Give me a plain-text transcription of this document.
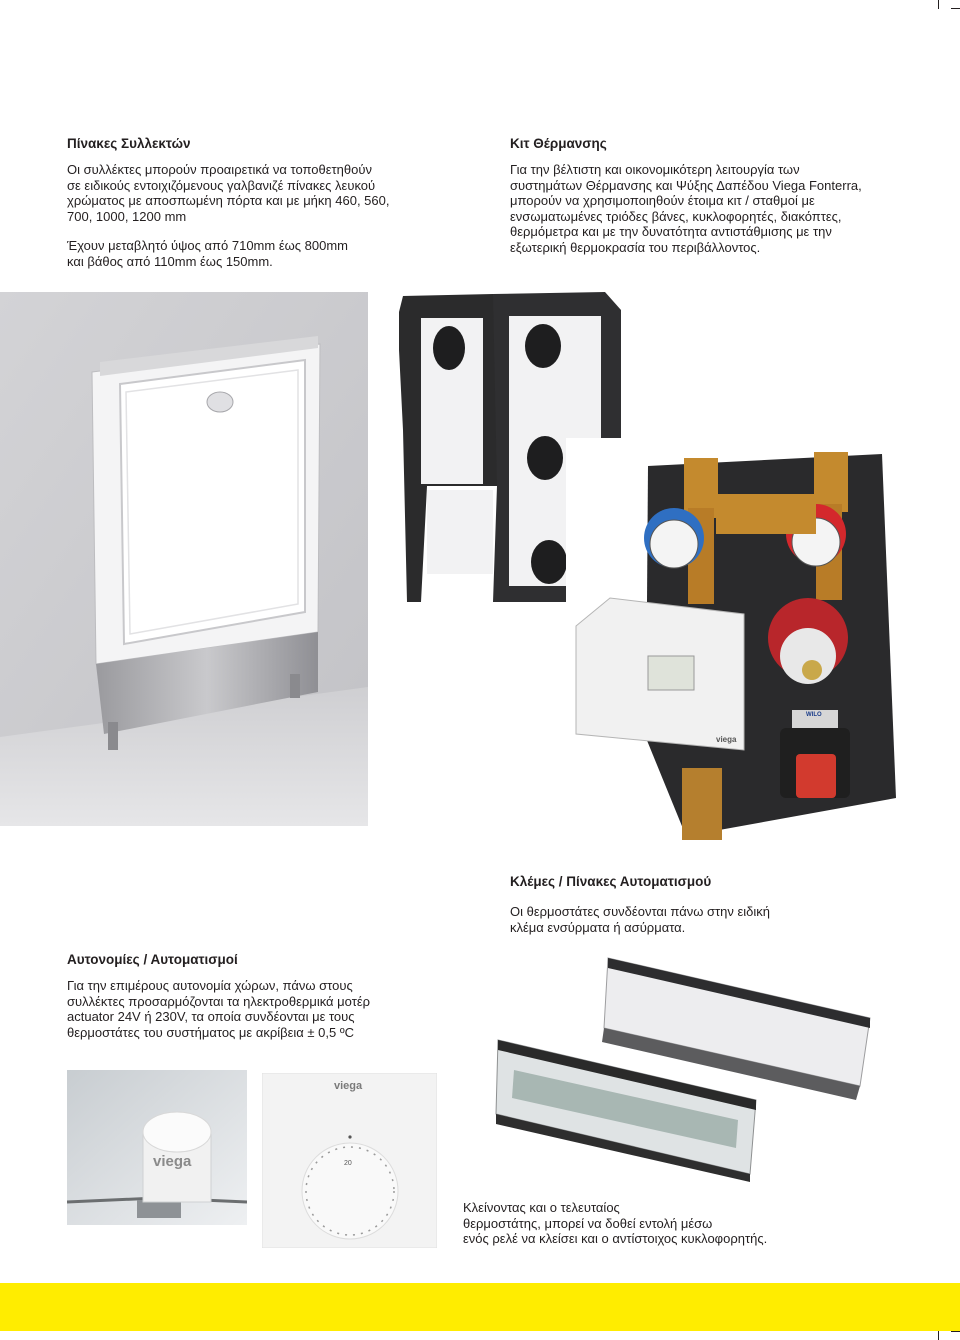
Πίνακες Συλλεκτών

Οι συλλέκτες μπορούν προαιρετικά να τοποθετηθούν
σε ειδικούς εντοιχιζόμενους γαλβανιζέ πίνακες λευκού
χρώματος με αποσπωμένη πόρτα και με μήκη 460, 560,
700, 1000, 1200 mm

Έχουν μεταβλητό ύψος από 710mm έως 800mm
και βάθος από 110mm έως 150mm.

Κιτ Θέρμανσης

Για την βέλτιστη και οικονομικότερη λειτουργία των
συστημάτων Θέρμανσης και Ψύξης Δαπέδου Viega Fonterra,
μπορούν να χρησιμοποιηθούν έτοιμα κιτ / σταθμοί με
ενσωματωμένες τριόδες βάνες, κυκλοφορητές, διακόπτες,
θερμόμετρα και με την δυνατότητα αντιστάθμισης με την
εξωτερική θερμοκρασία του περιβάλλοντος.

viega
WILO
Κλέμες / Πίνακες Αυτοματισμού

Οι θερμοστάτες συνδέονται πάνω στην ειδική
κλέμα ενσύρματα ή ασύρματα.

Αυτονομίες / Αυτοματισμοί

Για την επιμέρους αυτονομία χώρων, πάνω στους
συλλέκτες προσαρμόζονται τα ηλεκτροθερμικά μοτέρ
actuator 24V ή 230V, τα οποία συνδέονται με τους
θερμοστάτες του συστήματος με ακρίβεια ± 0,5 ºC

viega
viega
20

Κλείνοντας και ο τελευταίος
θερμοστάτης, μπορεί να δοθεί εντολή μέσω
ενός ρελέ να κλείσει και ο αντίστοιχος κυκλοφορητής.
